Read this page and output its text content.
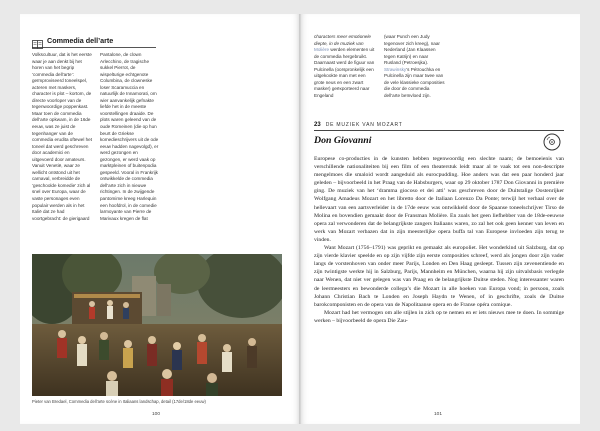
Commedia dell’arte
Volkscultuur, dat is het eerste waar je aan denkt bij het horen van het begrip ‘commedia dell’arte’: geïmproviseerd toneelspel, acteren met maskers, character is plot – kortom, de directe voorloper van de tegenwoordige poppenkast. Maar toen de commedia dell’arte opkwam, in de 16de eeuw, was ze juist de tegenhanger van de commedia erudita oftewel het toneel dat werd geschreven door academici en uitgevoerd door amateurs. Vanuit Venetië, waar ze wellicht ontstond uit het carnaval, verbreidde de ‘geschoolde komedie’ zich al snel over Europa, waar de vaste personages even populair werden als in het Italië dat ze had voortgebracht: de gierigaard
Pantalone, de clown Arlecchino, de tragische sukkel Pierrot, de wispelturige echtgenote Columbina, de clowneske loser Scaramuccia en natuurlijk de Innamorati, om wier aanvankelijk gefnakte liefde het in de meeste voorstellingen draaide. De plots waren geleend van de oude Romeinen (die op hun beurt de Griekse komedieschrijvers uit de ode eeuw hadden nagevolgd), er werd gezongen en gezongen, er werd vaak op marktpleinen of buitenpodia gespeeld. Vooral in Frankrijk ontwikkelde de commedia dell’arte zich in nieuwe richtingen. In de zwijgende pantomime kreeg Harlequin een hoofdrol, in de comedie larmoyante van Pierre de Marivaux kregen de flat
Pieter van Bredael, Commedia dell’arte scène in Italiaans landschap, detail (17de/18de eeuw)
100
characters meer emotionele diepte, in de muziek van Molière werden elementen uit de commedia hergebruikt. Daarnaast werd de figuur van Pulcinella (oorspronkelijk een uitgekookte man met een grote neus en een zwart masker) geëxporteerd naar Engeland
(waar Punch een Judy tegenover zich kreeg), naar Nederland (Jan Klaassen tegen Katrijn) en naar Rusland (Petroesjka). Strawinsky’s Pétrouchka en Pulcinella zijn maar twee van de vele klassieke composities die door de commedia dell’arte beïnvloed zijn.
23 DE MUZIEK VAN MOZART
Don Giovanni

Europese co-producties in de kunsten hebben tegenwoordig een slechte naam; de bemoeienis van verschillende nationaliteiten bij een film of een theaterstuk leidt maar al te vaak tot een non-descripte mengelmoes die smaloid wordt aangeduid als eurocpudding. Hoe anders was dat een paar honderd jaar geleden – bijvoorbeeld in het Praag van de Habsburgers, waar op 29 oktober 1787 Don Giovanni in première ging. De muziek van het ‘dramma giocoso et dei atti’ was geschreven door de Duitstalige Oostenrijker Wolfgang Amadeus Mozart en het libretto door de Italiaan Lorenzo Da Ponte; terwijl het verhaal over de hellevaart van een aartsverleider in de 17de eeuw was ontwikkeld door de Spaanse toneelschrijver Tirso de Molina en bovendien gemaakt door de Fransman Molière. En zoals het geen liefhebber van de 18de-eeuwse opera zal verwonderen dat de belangrijkste zangers Italiaans waren, zo zal het ook geen kenner van leven en werk van Mozart verbazen dat in zijn meesterlijke opera buffa tal van Europese invloeden zijn terug te vinden.

Want Mozart (1756–1791) was geprikt en gemaakt als europoliet. Het wonderkind uit Salzburg, dat op zijn vierde klavier speelde en op zijn vijfde zijn eerste composities schreef, werd als jongen door zijn vader langs de vorstenhoven van onder meer Parijs, Londen en Den Haag gesleept. Tussen zijn zevenentiende en zijn twintigste werkte hij in Salzburg, Parijs, Mannheim en München, waarna hij zijn uitvalsbasis verlegde naar Wenen, dat niet ver gelegen was van Praag en de belangrijkste Duitse steden. Nog interessanter waren de leermeesters en bewonderde collega’s die Mozart in alle hoeken van Europa vond; in persoon, zoals Johann Christian Bach te Londen en Joseph Haydn te Wenen, of in geschrifte, zoals de Duitse barokcomponisten en de opera van de Napolitaanse opera en de Franse opéra comique.

Mozart had het vermogen om alle stijlen in zich op te nemen en er iets nieuws mee te doen. In sommige werken – bijvoorbeeld de opera Die Zau-

101
